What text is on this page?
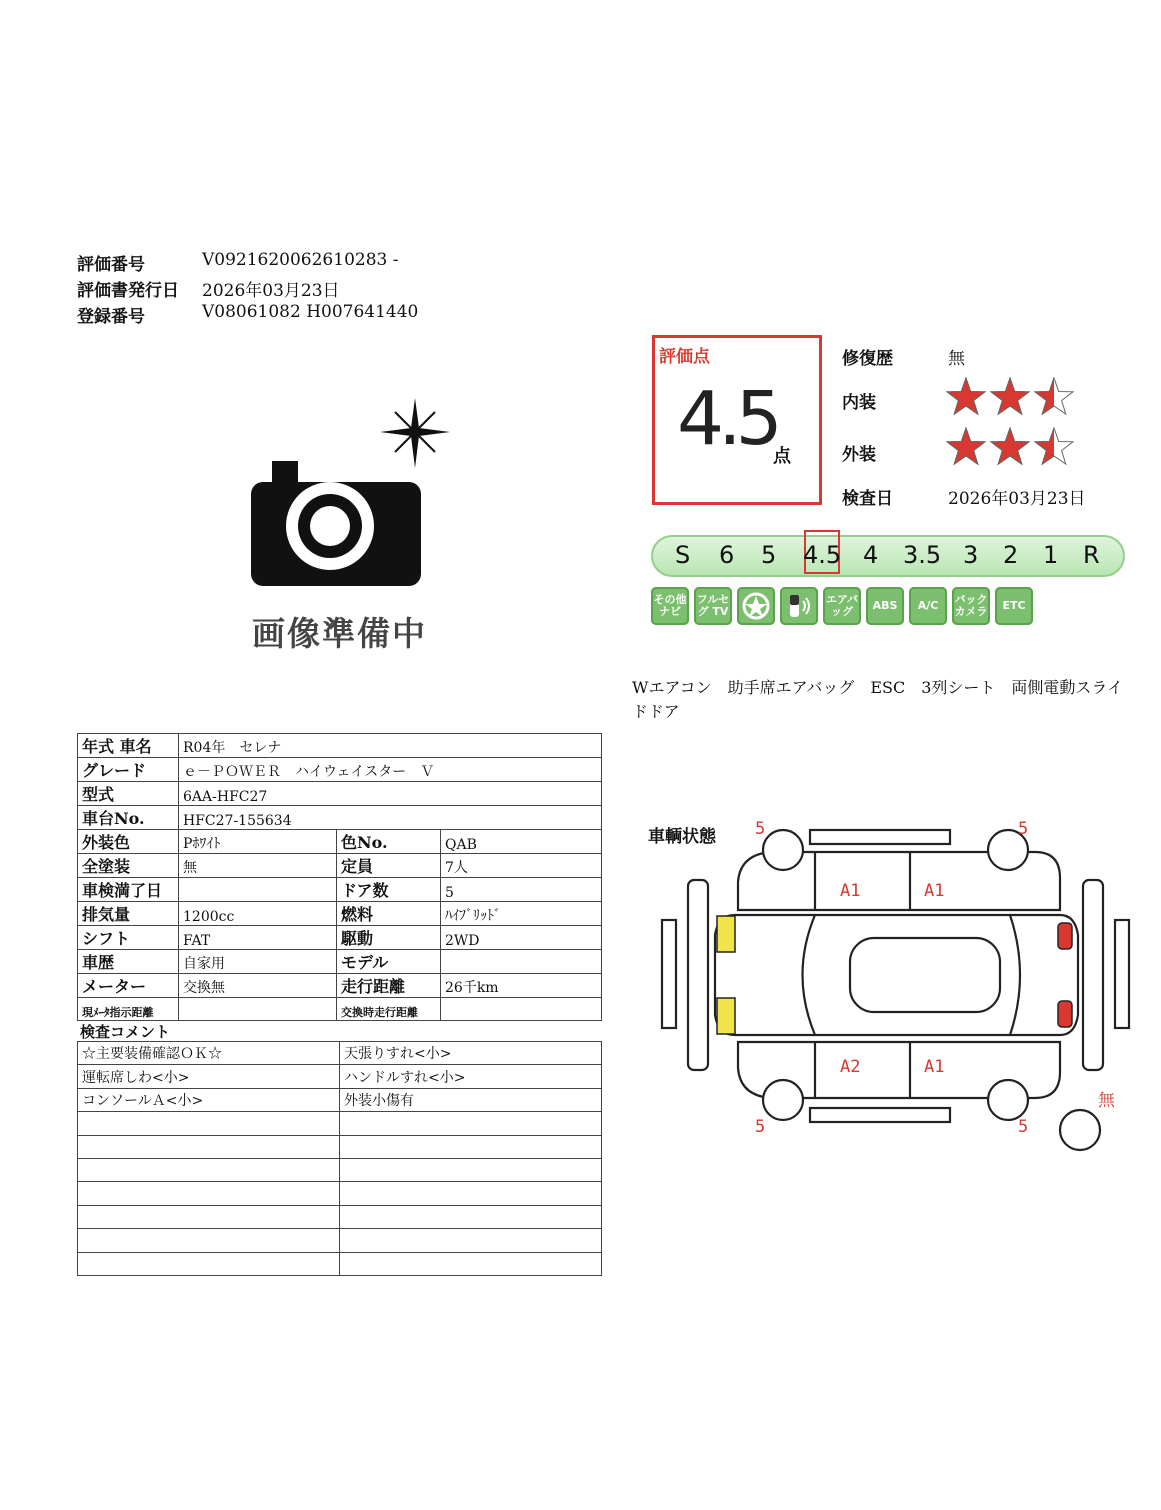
評価番号	V0921620062610283 -
評価書発行日 2026年03月23日
登録番号	V08061082 H007641440
画像準備中
評価点
4.5
点
修復歴	無
内装
外装
検査日	2026年03月23日
S 6 5 4.5 4 3.5 3 2 1 R
その他 ナビ
フルセグ TV
エアバッグ	ABS	A/C	バック カメラ	ETC
Wエアコン　助手席エアバッグ　ESC　3列シート　両側電動スライドドア
年式 車名	R04年　セレナ		
グレード	ｅ－ＰＯＷＥＲ　ハイウェイスター　Ｖ		
型式	6AA-HFC27		
車台No.	HFC27-155634		
外装色	Pﾎﾜｲﾄ	色No.	QAB
全塗装	無	定員	7人
車検満了日		ドア数	5
排気量	1200cc	燃料	ﾊｲﾌﾞﾘｯﾄﾞ
シフト	FAT	駆動	2WD
車歴	自家用	モデル	
メーター	交換無	走行距離	26千km
現ﾒｰﾀ指示距離		交換時走行距離	
検査コメント
☆主要装備確認ＯＫ☆	天張りすれ<小>
運転席しわ<小>	ハンドルすれ<小>
コンソールＡ<小>	外装小傷有

車輌状態 5	5
5	5
A1	A1
A2	A1
無
